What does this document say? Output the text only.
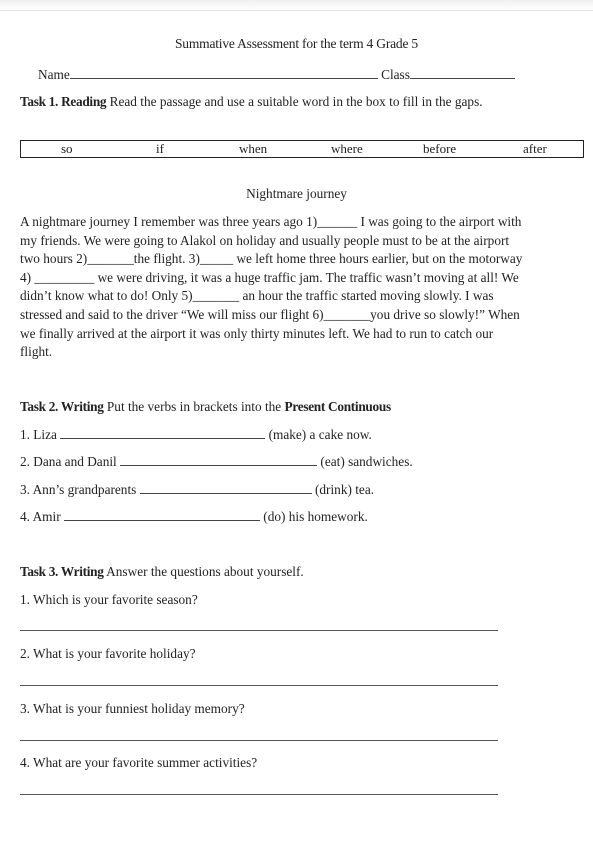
Summative Assessment for the term 4 Grade 5
Name	Class
Task 1. Reading Read the passage and use a suitable word in the box to fill in the gaps.
so	if	when	where	before	after
Nightmare journey
A nightmare journey I remember was three years ago 1)______ I was going to the airport with
my friends. We were going to Alakol on holiday and usually people must to be at the airport
two hours 2)_______the flight. 3)_____ we left home three hours earlier, but on the motorway
4) _________ we were driving, it was a huge traffic jam. The traffic wasn’t moving at all! We
didn’t know what to do! Only 5)_______ an hour the traffic started moving slowly. I was
stressed and said to the driver “We will miss our flight 6)_______you drive so slowly!” When
we finally arrived at the airport it was only thirty minutes left. We had to run to catch our
flight.
Task 2. Writing Put the verbs in brackets into the Present Continuous
1. Liza	(make) a cake now.
2. Dana and Danil	(eat) sandwiches.
3. Ann’s grandparents	(drink) tea.
4. Amir	(do) his homework.
Task 3. Writing Answer the questions about yourself.
1. Which is your favorite season?
2. What is your favorite holiday?
3. What is your funniest holiday memory?
4. What are your favorite summer activities?
